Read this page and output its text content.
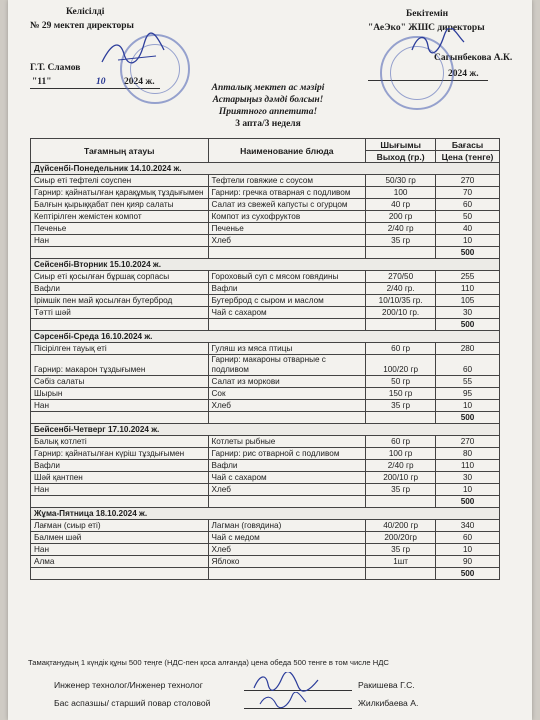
Келісілді
№ 29 мектеп директоры
Г.Т. Сламов
"11"	10 2024 ж.
Бекітемін
"АеЭко" ЖШС директоры
Сагынбекова А.К.
2024 ж.
Апталық мектеп ас мәзірі
Астарыңыз дәмді болсын!
Приятного аппетита!
3 апта/3 неделя
Тағамның атауы	Наименование блюда	Шығымы	Бағасы
		Выход (гр.)	Цена (тенге)
Дүйсенбі-Понедельник 14.10.2024 ж.			
Сиыр еті тефтелі соуспен	Тефтели говяжие с соусом	50/30 гр	270
Гарнир: қайнатылған қарақұмық тұздығымен	Гарнир: гречка отварная с подливом	100	70
Балғын қырыққабат пен қияр салаты	Салат из свежей капусты с огурцом	40 гр	60
Кептірілген жемістен компот	Компот из сухофруктов	200 гр	50
Печенье	Печенье	2/40 гр	40
Нан	Хлеб	35 гр	10
			500
Сейсенбі-Вторник 15.10.2024 ж.			
Сиыр еті қосылған бұршақ сорпасы	Гороховый суп с мясом говядины	270/50	255
Вафли	Вафли	2/40 гр.	110
Ірімшік пен май қосылған бутерброд	Бутерброд с сыром и маслом	10/10/35 гр.	105
Тәтті шәй	Чай с сахаром	200/10 гр.	30
			500
Сәрсенбі-Среда 16.10.2024 ж.			
Пісірілген тауық еті	Гуляш из мяса птицы	60 гр	280
Гарнир: макарон тұздығымен	Гарнир: макароны отварные с подливом	100/20 гр	60
Сәбіз салаты	Салат из моркови	50 гр	55
Шырын	Сок	150 гр	95
Нан	Хлеб	35 гр	10
			500
Бейсенбі-Четверг 17.10.2024 ж.			
Балық котлеті	Котлеты рыбные	60 гр	270
Гарнир: қайнатылған күріш тұздығымен	Гарнир: рис отварной с подливом	100 гр	80
Вафли	Вафли	2/40 гр	110
Шәй қантпен	Чай с сахаром	200/10 гр	30
Нан	Хлеб	35 гр	10
			500
Жұма-Пятница 18.10.2024 ж.			
Лағман (сиыр еті)	Лагман (говядина)	40/200 гр	340
Балмен шәй	Чай с медом	200/20гр	60
Нан	Хлеб	35 гр	10
Алма	Яблоко	1шт	90
			500
Тамақтанудың 1 күндік құны 500 теңге (НДС-пен қоса алғанда) цена обеда 500 тенге в том числе НДС
Инженер технолог/Инженер технолог	Ракишева Г.С.
Бас аспазшы/ старший повар столовой	Жилкибаева А.
